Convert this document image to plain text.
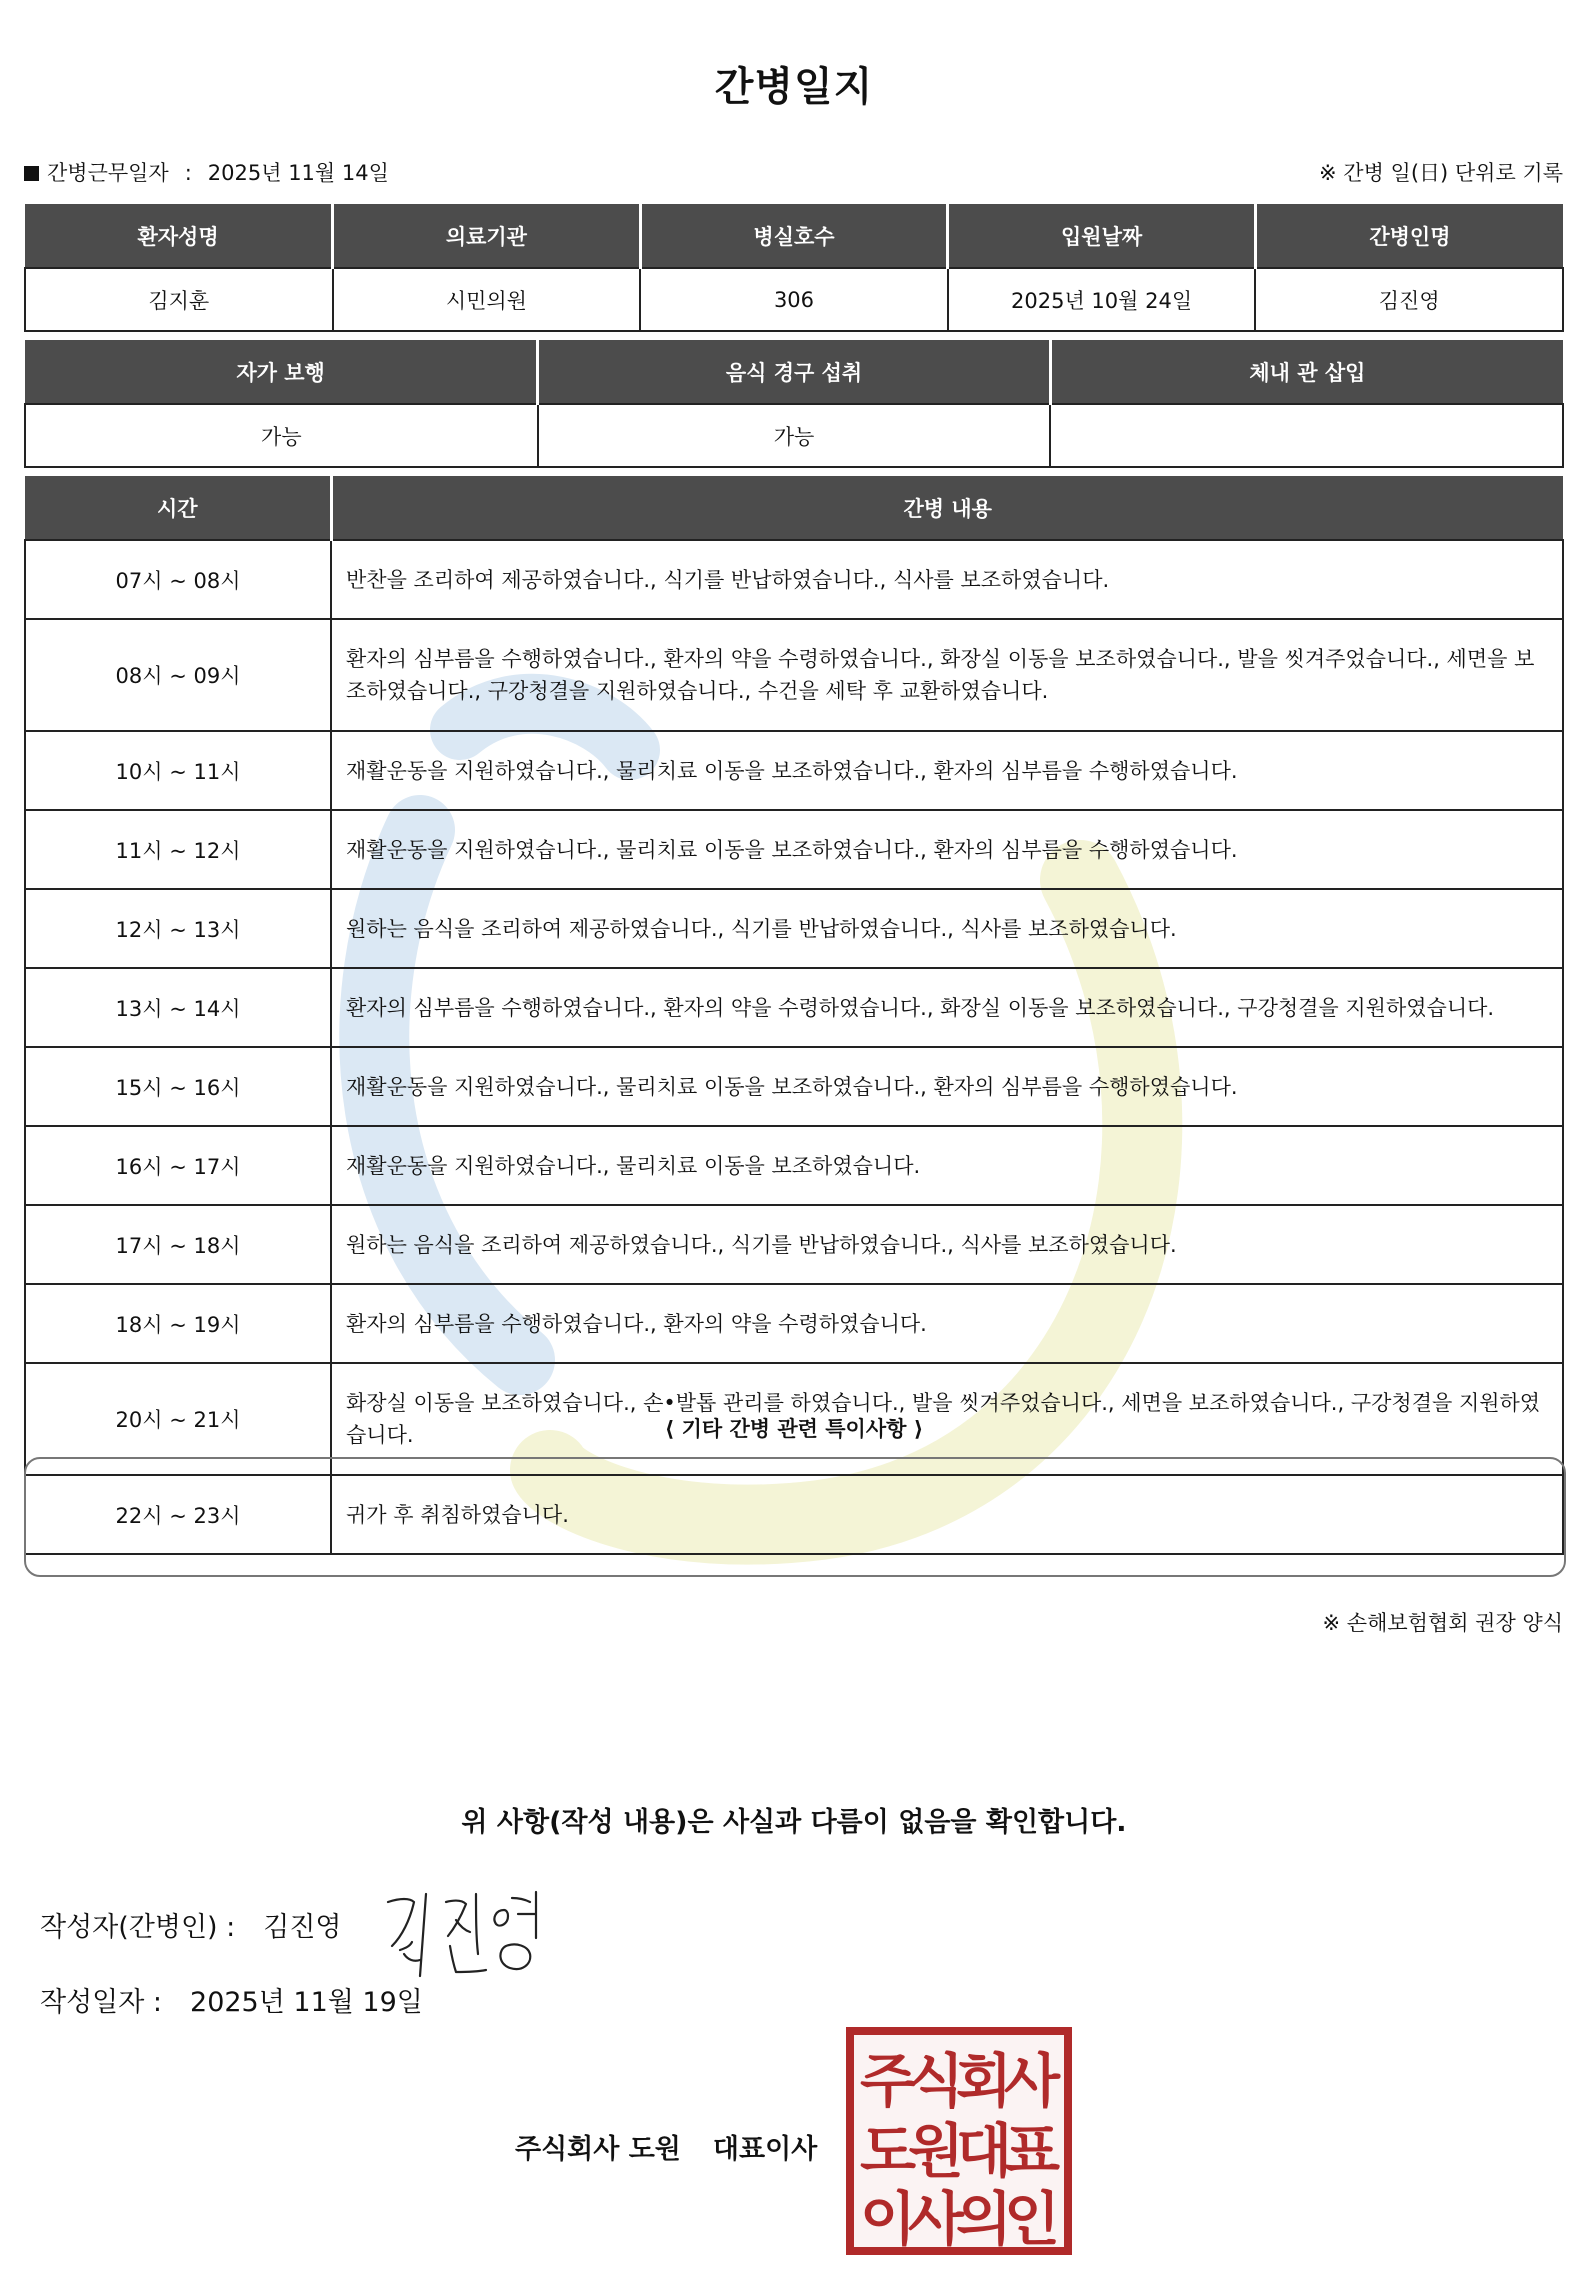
간병일지
간병근무일자 : 2025년 11월 14일	※ 간병 일(日) 단위로 기록
환자성명	의료기관	병실호수	입원날짜	간병인명
김지훈	시민의원	306	2025년 10월 24일	김진영
자가 보행	음식 경구 섭취	체내 관 삽입
가능	가능	
시간	간병 내용
07시 ~ 08시	반찬을 조리하여 제공하였습니다., 식기를 반납하였습니다., 식사를 보조하였습니다.
08시 ~ 09시	환자의 심부름을 수행하였습니다., 환자의 약을 수령하였습니다., 화장실 이동을 보조하였습니다., 발을 씻겨주었습니다., 세면을 보조하였습니다., 구강청결을 지원하였습니다., 수건을 세탁 후 교환하였습니다.
10시 ~ 11시	재활운동을 지원하였습니다., 물리치료 이동을 보조하였습니다., 환자의 심부름을 수행하였습니다.
11시 ~ 12시	재활운동을 지원하였습니다., 물리치료 이동을 보조하였습니다., 환자의 심부름을 수행하였습니다.
12시 ~ 13시	원하는 음식을 조리하여 제공하였습니다., 식기를 반납하였습니다., 식사를 보조하였습니다.
13시 ~ 14시	환자의 심부름을 수행하였습니다., 환자의 약을 수령하였습니다., 화장실 이동을 보조하였습니다., 구강청결을 지원하였습니다.
15시 ~ 16시	재활운동을 지원하였습니다., 물리치료 이동을 보조하였습니다., 환자의 심부름을 수행하였습니다.
16시 ~ 17시	재활운동을 지원하였습니다., 물리치료 이동을 보조하였습니다.
17시 ~ 18시	원하는 음식을 조리하여 제공하였습니다., 식기를 반납하였습니다., 식사를 보조하였습니다.
18시 ~ 19시	환자의 심부름을 수행하였습니다., 환자의 약을 수령하였습니다.
20시 ~ 21시	화장실 이동을 보조하였습니다., 손•발톱 관리를 하였습니다., 발을 씻겨주었습니다., 세면을 보조하였습니다., 구강청결을 지원하였습니다.
22시 ~ 23시	귀가 후 취침하였습니다.
⟨ 기타 간병 관련 특이사항 ⟩
※ 손해보험협회 권장 양식
위 사항(작성 내용)은 사실과 다름이 없음을 확인합니다.
작성자(간병인) : 김진영
작성일자 : 2025년 11월 19일
주식회사 도원 대표이사
주
식
회
사
도
원
대
표
이
사
의
인
